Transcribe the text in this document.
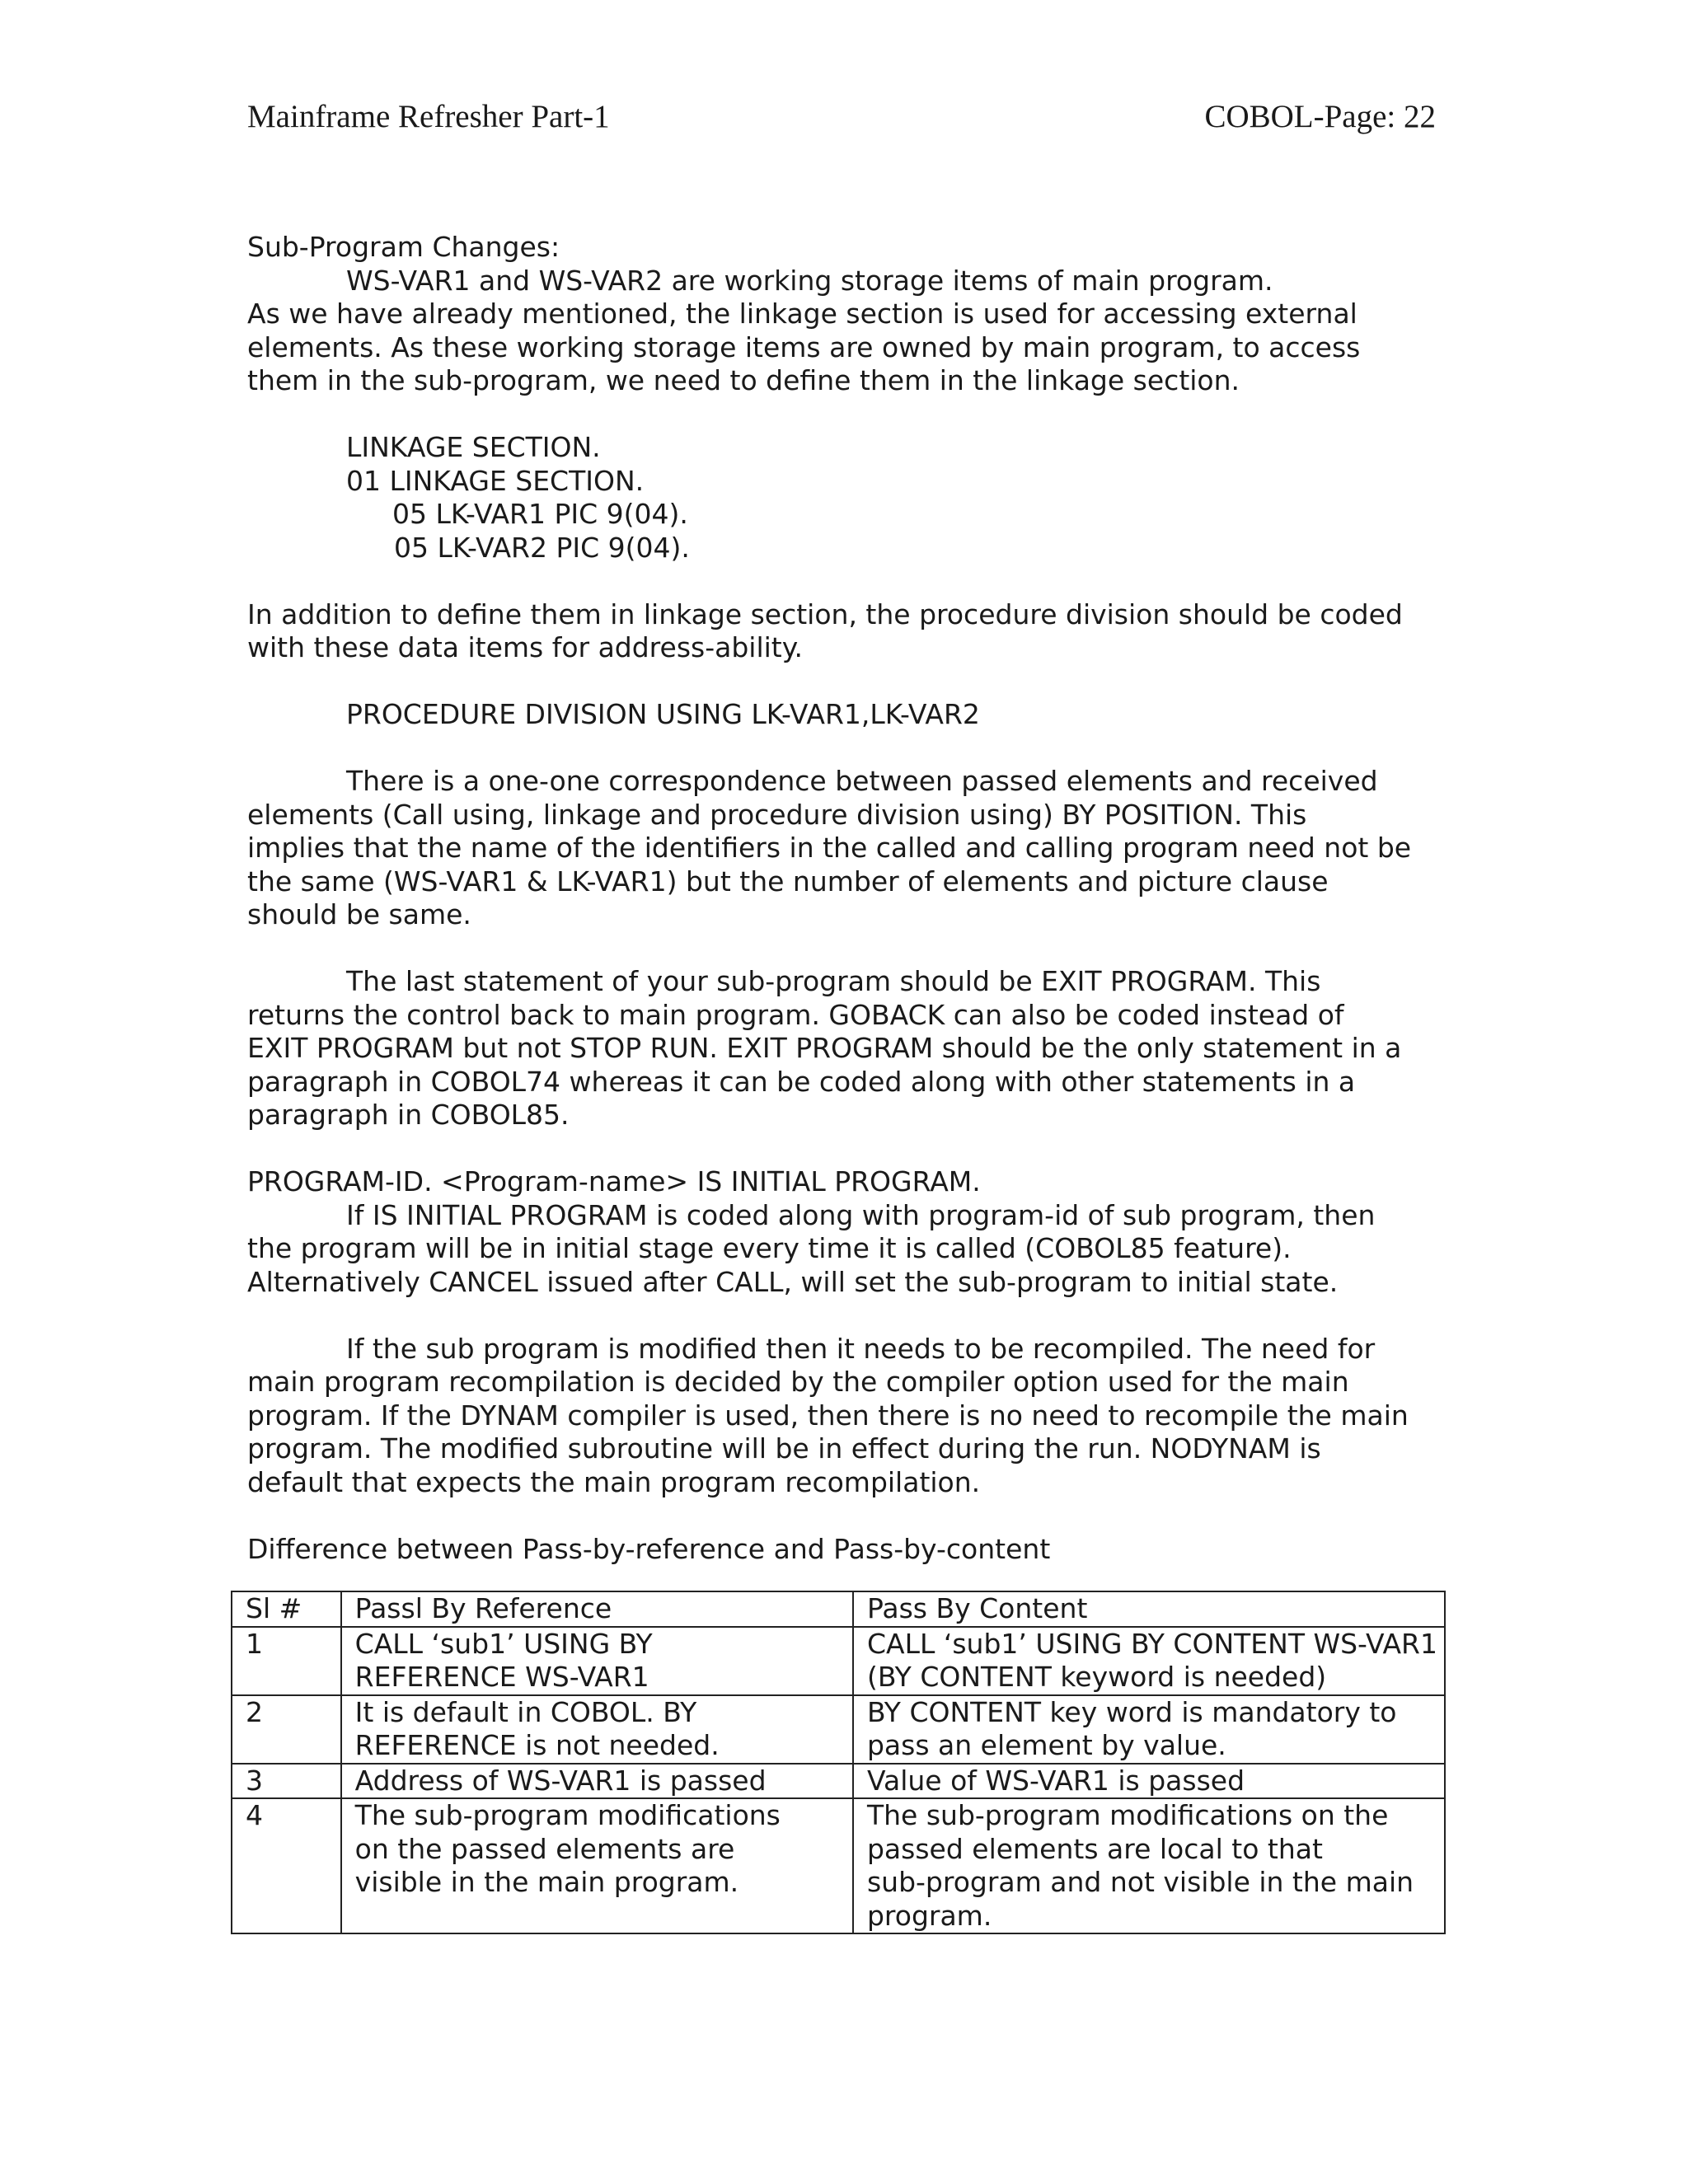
Mainframe Refresher Part-1	COBOL-Page: 22

Sub-Program Changes:

WS-VAR1 and WS-VAR2 are working storage items of main program.

As we have already mentioned, the linkage section is used for accessing external

elements. As these working storage items are owned by main program, to access

them in the sub-program, we need to define them in the linkage section.

LINKAGE SECTION.

01 LINKAGE SECTION.

05 LK-VAR1 PIC 9(04).

05 LK-VAR2 PIC 9(04).

In addition to define them in linkage section, the procedure division should be coded

with these data items for address-ability.

PROCEDURE DIVISION USING LK-VAR1,LK-VAR2

There is a one-one correspondence between passed elements and received

elements (Call using, linkage and procedure division using) BY POSITION. This

implies that the name of the identifiers in the called and calling program need not be

the same (WS-VAR1 & LK-VAR1) but the number of elements and picture clause

should be same.

The last statement of your sub-program should be EXIT PROGRAM. This

returns the control back to main program. GOBACK can also be coded instead of

EXIT PROGRAM but not STOP RUN. EXIT PROGRAM should be the only statement in a

paragraph in COBOL74 whereas it can be coded along with other statements in a

paragraph in COBOL85.

PROGRAM-ID. <Program-name> IS INITIAL PROGRAM.

If IS INITIAL PROGRAM is coded along with program-id of sub program, then

the program will be in initial stage every time it is called (COBOL85 feature).

Alternatively CANCEL issued after CALL, will set the sub-program to initial state.

If the sub program is modified then it needs to be recompiled. The need for

main program recompilation is decided by the compiler option used for the main

program. If the DYNAM compiler is used, then there is no need to recompile the main

program. The modified subroutine will be in effect during the run. NODYNAM is

default that expects the main program recompilation.

Difference between Pass-by-reference and Pass-by-content

Sl #	Passl By Reference	Pass By Content
1	CALL ‘sub1’ USING BY
REFERENCE WS-VAR1	CALL ‘sub1’ USING BY CONTENT WS-VAR1
(BY CONTENT keyword is needed)

2	It is default in COBOL. BY
REFERENCE is not needed.	BY CONTENT key word is mandatory to
pass an element by value.

3	Address of WS-VAR1 is passed	Value of WS-VAR1 is passed

4	The sub-program modifications
on the passed elements are
visible in the main program.	The sub-program modifications on the
passed elements are local to that
sub-program and not visible in the main
program.
